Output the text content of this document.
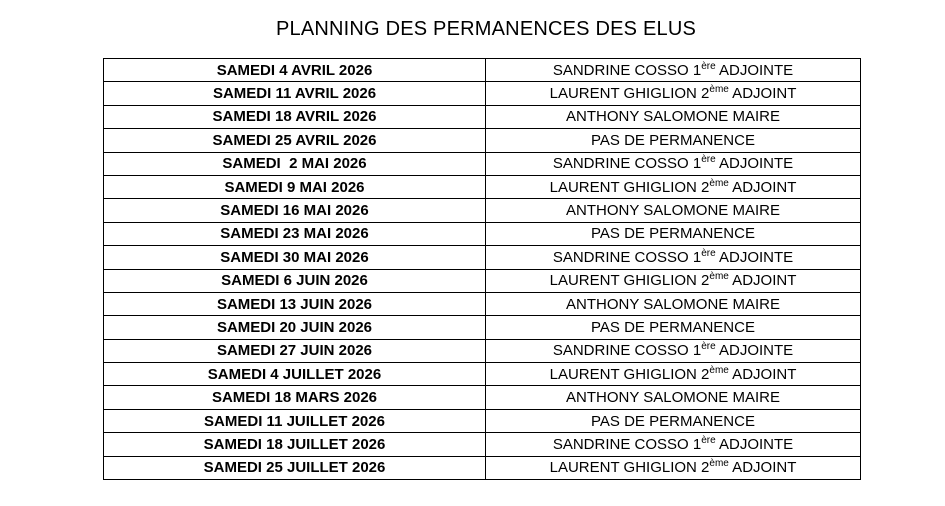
PLANNING DES PERMANENCES DES ELUS
SAMEDI 4 AVRIL 2026	SANDRINE COSSO 1ère ADJOINTE
SAMEDI 11 AVRIL 2026	LAURENT GHIGLION 2ème ADJOINT
SAMEDI 18 AVRIL 2026	ANTHONY SALOMONE MAIRE
SAMEDI 25 AVRIL 2026	PAS DE PERMANENCE
SAMEDI  2 MAI 2026	SANDRINE COSSO 1ère ADJOINTE
SAMEDI 9 MAI 2026	LAURENT GHIGLION 2ème ADJOINT
SAMEDI 16 MAI 2026	ANTHONY SALOMONE MAIRE
SAMEDI 23 MAI 2026	PAS DE PERMANENCE
SAMEDI 30 MAI 2026	SANDRINE COSSO 1ère ADJOINTE
SAMEDI 6 JUIN 2026	LAURENT GHIGLION 2ème ADJOINT
SAMEDI 13 JUIN 2026	ANTHONY SALOMONE MAIRE
SAMEDI 20 JUIN 2026	PAS DE PERMANENCE
SAMEDI 27 JUIN 2026	SANDRINE COSSO 1ère ADJOINTE
SAMEDI 4 JUILLET 2026	LAURENT GHIGLION 2ème ADJOINT
SAMEDI 18 MARS 2026	ANTHONY SALOMONE MAIRE
SAMEDI 11 JUILLET 2026	PAS DE PERMANENCE
SAMEDI 18 JUILLET 2026	SANDRINE COSSO 1ère ADJOINTE
SAMEDI 25 JUILLET 2026	LAURENT GHIGLION 2ème ADJOINT
